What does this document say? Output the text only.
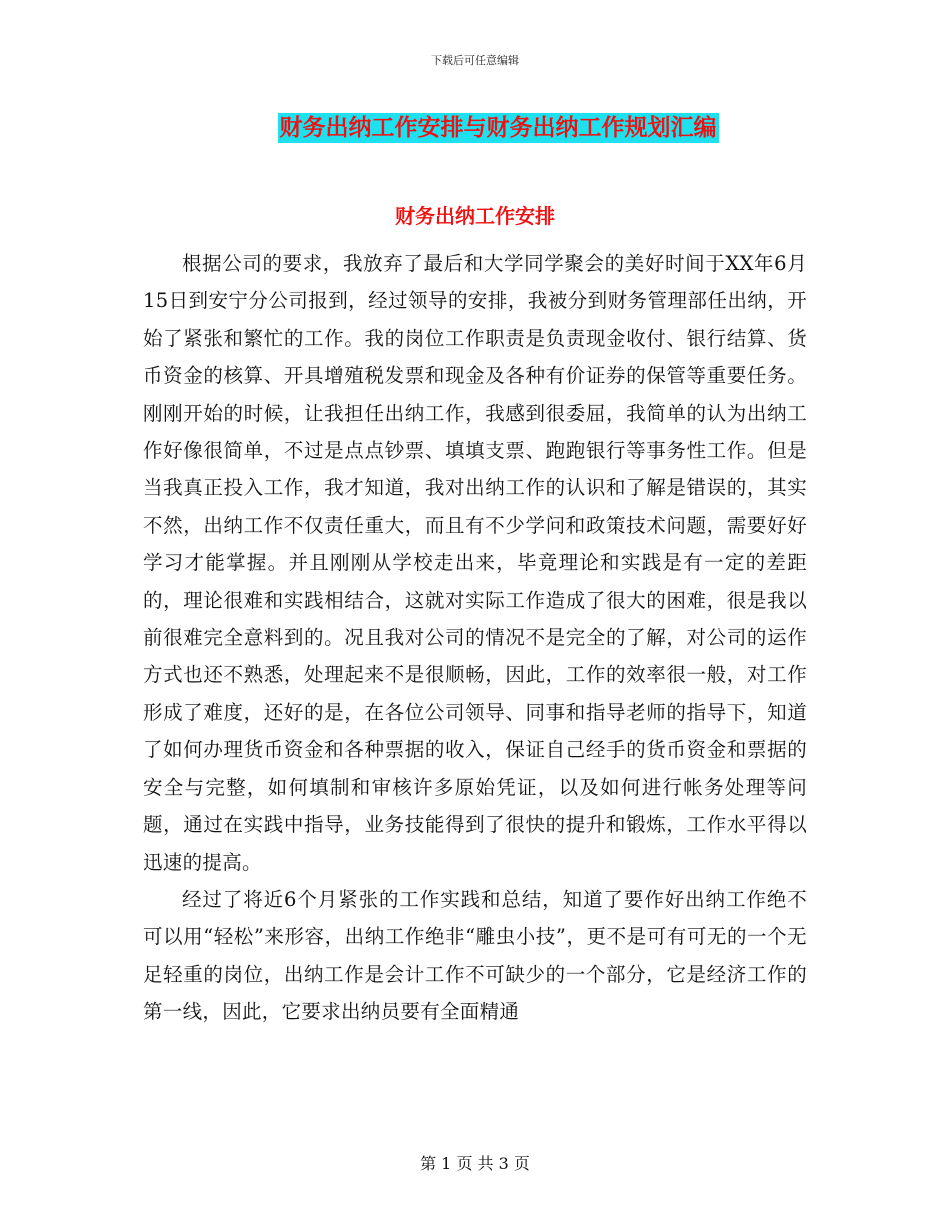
下载后可任意编辑
财务出纳工作安排与财务出纳工作规划汇编
财务出纳工作安排

根据公司的要求，我放弃了最后和大学同学聚会的美好时间于XX年6月15日到安宁分公司报到，经过领导的安排，我被分到财务管理部任出纳，开始了紧张和繁忙的工作。我的岗位工作职责是负责现金收付、银行结算、货币资金的核算、开具增殖税发票和现金及各种有价证券的保管等重要任务。刚刚开始的时候，让我担任出纳工作，我感到很委屈，我简单的认为出纳工作好像很简单，不过是点点钞票、填填支票、跑跑银行等事务性工作。但是当我真正投入工作，我才知道，我对出纳工作的认识和了解是错误的，其实不然，出纳工作不仅责任重大，而且有不少学问和政策技术问题，需要好好学习才能掌握。并且刚刚从学校走出来，毕竟理论和实践是有一定的差距的，理论很难和实践相结合，这就对实际工作造成了很大的困难，很是我以前很难完全意料到的。况且我对公司的情况不是完全的了解，对公司的运作方式也还不熟悉，处理起来不是很顺畅，因此，工作的效率很一般，对工作形成了难度，还好的是，在各位公司领导、同事和指导老师的指导下，知道了如何办理货币资金和各种票据的收入，保证自己经手的货币资金和票据的安全与完整，如何填制和审核许多原始凭证，以及如何进行帐务处理等问题，通过在实践中指导，业务技能得到了很快的提升和锻炼，工作水平得以迅速的提高。

经过了将近6个月紧张的工作实践和总结，知道了要作好出纳工作绝不可以用“轻松”来形容，出纳工作绝非“雕虫小技”，更不是可有可无的一个无足轻重的岗位，出纳工作是会计工作不可缺少的一个部分，它是经济工作的第一线，因此，它要求出纳员要有全面精通

第 1 页 共 3 页
